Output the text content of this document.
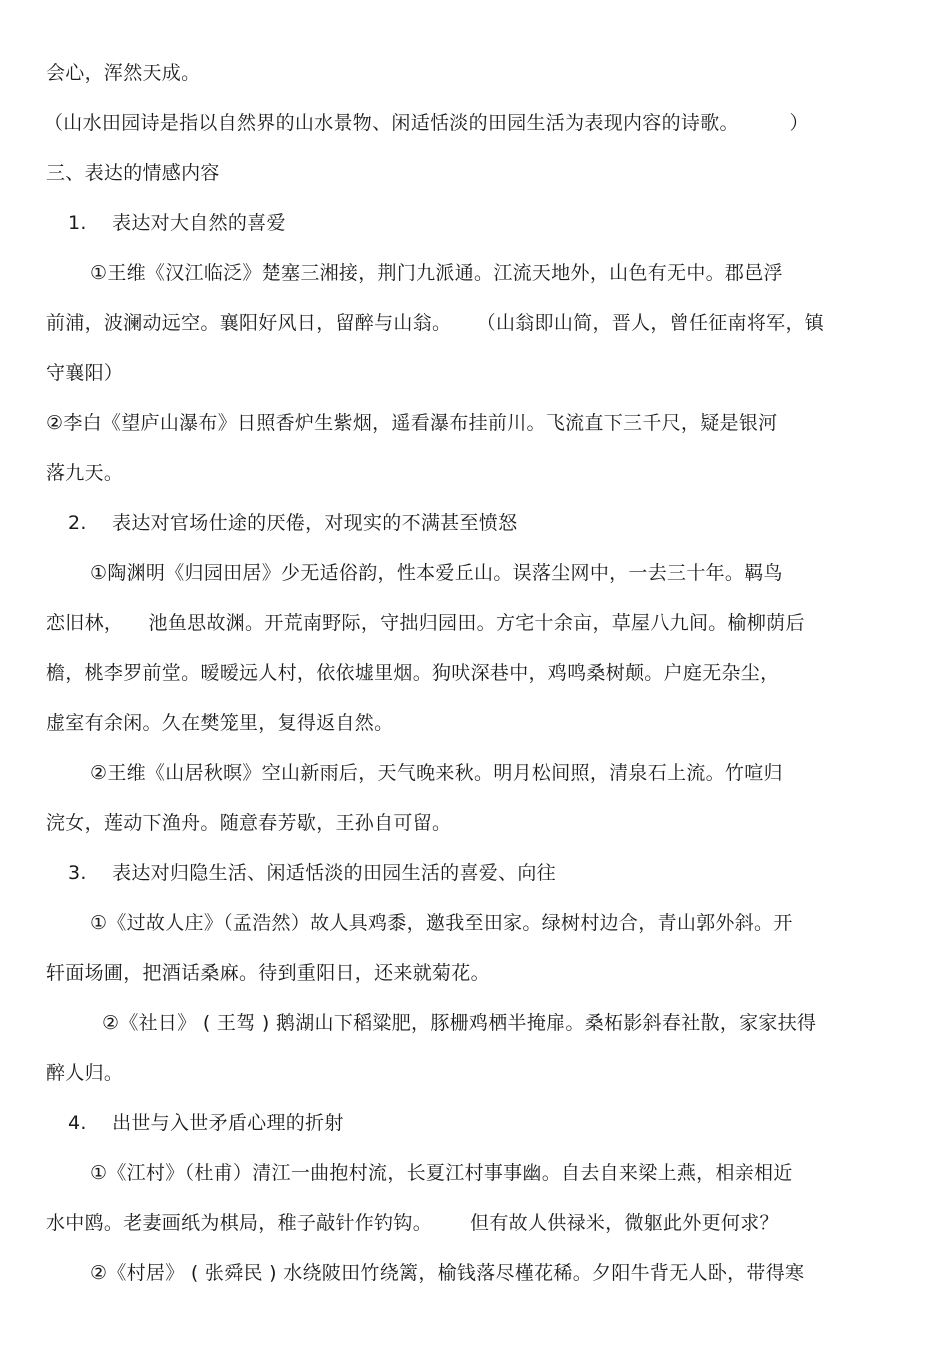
会心，浑然天成。
（山水田园诗是指以自然界的山水景物、闲适恬淡的田园生活为表现内容的诗歌。        ）
三、表达的情感内容
1.    表达对大自然的喜爱
①王维《汉江临泛》楚塞三湘接，荆门九派通。江流天地外，山色有无中。郡邑浮
前浦，波澜动远空。襄阳好风日，留醉与山翁。    （山翁即山简，晋人，曾任征南将军，镇
守襄阳）
②李白《望庐山瀑布》日照香炉生紫烟，遥看瀑布挂前川。飞流直下三千尺，疑是银河
落九天。
2.    表达对官场仕途的厌倦，对现实的不满甚至愤怒
①陶渊明《归园田居》少无适俗韵，性本爱丘山。误落尘网中，一去三十年。羁鸟
恋旧林，    池鱼思故渊。开荒南野际，守拙归园田。方宅十余亩，草屋八九间。榆柳荫后
檐，桃李罗前堂。暧暧远人村，依依墟里烟。狗吠深巷中，鸡鸣桑树颠。户庭无杂尘，
虚室有余闲。久在樊笼里，复得返自然。
②王维《山居秋暝》空山新雨后，天气晚来秋。明月松间照，清泉石上流。竹喧归
浣女，莲动下渔舟。随意春芳歇，王孙自可留。
3.    表达对归隐生活、闲适恬淡的田园生活的喜爱、向往
①《过故人庄》（孟浩然）故人具鸡黍，邀我至田家。绿树村边合，青山郭外斜。开
轩面场圃，把酒话桑麻。待到重阳日，还来就菊花。
②《社日》 ( 王驾 ) 鹅湖山下稻粱肥，豚栅鸡栖半掩扉。桑柘影斜春社散，家家扶得
醉人归。
4.    出世与入世矛盾心理的折射
①《江村》（杜甫）清江一曲抱村流，长夏江村事事幽。自去自来梁上燕，相亲相近
水中鸥。老妻画纸为棋局，稚子敲针作钓钩。      但有故人供禄米，微躯此外更何求？
②《村居》 ( 张舜民 ) 水绕陂田竹绕篱，榆钱落尽槿花稀。夕阳牛背无人卧，带得寒
